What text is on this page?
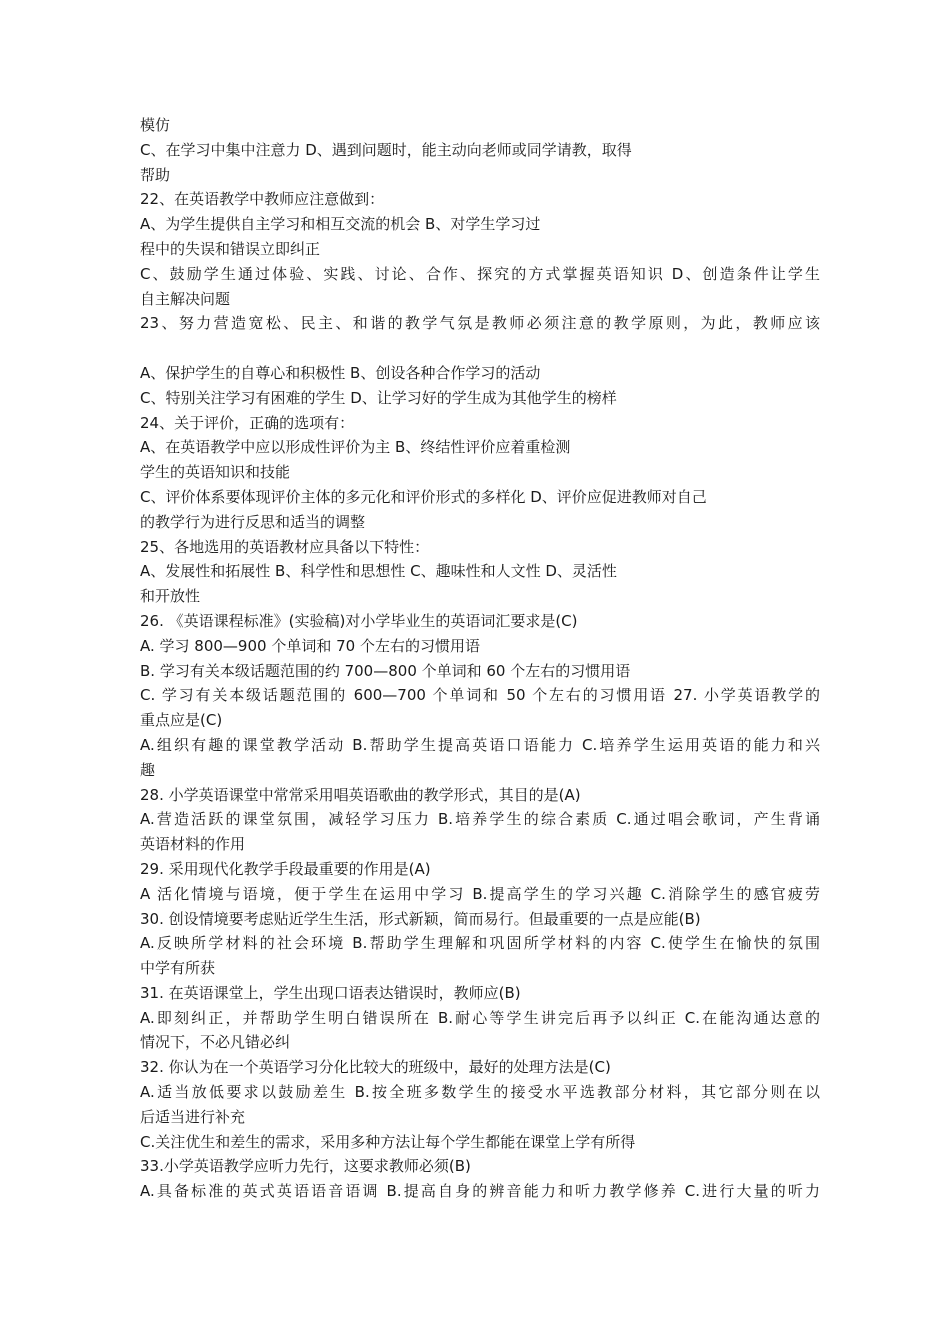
模仿
C、在学习中集中注意力 D、遇到问题时，能主动向老师或同学请教，取得
帮助
22、在英语教学中教师应注意做到：
A、为学生提供自主学习和相互交流的机会 B、对学生学习过
程中的失误和错误立即纠正
C、鼓励学生通过体验、实践、讨论、合作、探究的方式掌握英语知识 D、创造条件让学生
自主解决问题
23、努力营造宽松、民主、和谐的教学气氛是教师必须注意的教学原则，为此，教师应该
A、保护学生的自尊心和积极性 B、创设各种合作学习的活动
C、特别关注学习有困难的学生 D、让学习好的学生成为其他学生的榜样
24、关于评价，正确的选项有：
A、在英语教学中应以形成性评价为主 B、终结性评价应着重检测
学生的英语知识和技能
C、评价体系要体现评价主体的多元化和评价形式的多样化 D、评价应促进教师对自己
的教学行为进行反思和适当的调整
25、各地选用的英语教材应具备以下特性：
A、发展性和拓展性 B、科学性和思想性 C、趣味性和人文性 D、灵活性
和开放性
26. 《英语课程标准》(实验稿)对小学毕业生的英语词汇要求是(C)
A. 学习 800—900 个单词和 70 个左右的习惯用语
B. 学习有关本级话题范围的约 700—800 个单词和 60 个左右的习惯用语
C. 学习有关本级话题范围的 600—700 个单词和 50 个左右的习惯用语 27. 小学英语教学的
重点应是(C)
A.组织有趣的课堂教学活动 B.帮助学生提高英语口语能力 C.培养学生运用英语的能力和兴
趣
28. 小学英语课堂中常常采用唱英语歌曲的教学形式，其目的是(A)
A.营造活跃的课堂氛围，减轻学习压力 B.培养学生的综合素质 C.通过唱会歌词，产生背诵
英语材料的作用
29. 采用现代化教学手段最重要的作用是(A)
A 活化情境与语境，便于学生在运用中学习 B.提高学生的学习兴趣 C.消除学生的感官疲劳
30. 创设情境要考虑贴近学生生活，形式新颖，简而易行。但最重要的一点是应能(B)
A.反映所学材料的社会环境 B.帮助学生理解和巩固所学材料的内容 C.使学生在愉快的氛围
中学有所获
31. 在英语课堂上，学生出现口语表达错误时，教师应(B)
A.即刻纠正，并帮助学生明白错误所在 B.耐心等学生讲完后再予以纠正 C.在能沟通达意的
情况下，不必凡错必纠
32. 你认为在一个英语学习分化比较大的班级中，最好的处理方法是(C)
A.适当放低要求以鼓励差生 B.按全班多数学生的接受水平选教部分材料，其它部分则在以
后适当进行补充
C.关注优生和差生的需求，采用多种方法让每个学生都能在课堂上学有所得
33.小学英语教学应听力先行，这要求教师必须(B)
A.具备标准的英式英语语音语调 B.提高自身的辨音能力和听力教学修养 C.进行大量的听力
